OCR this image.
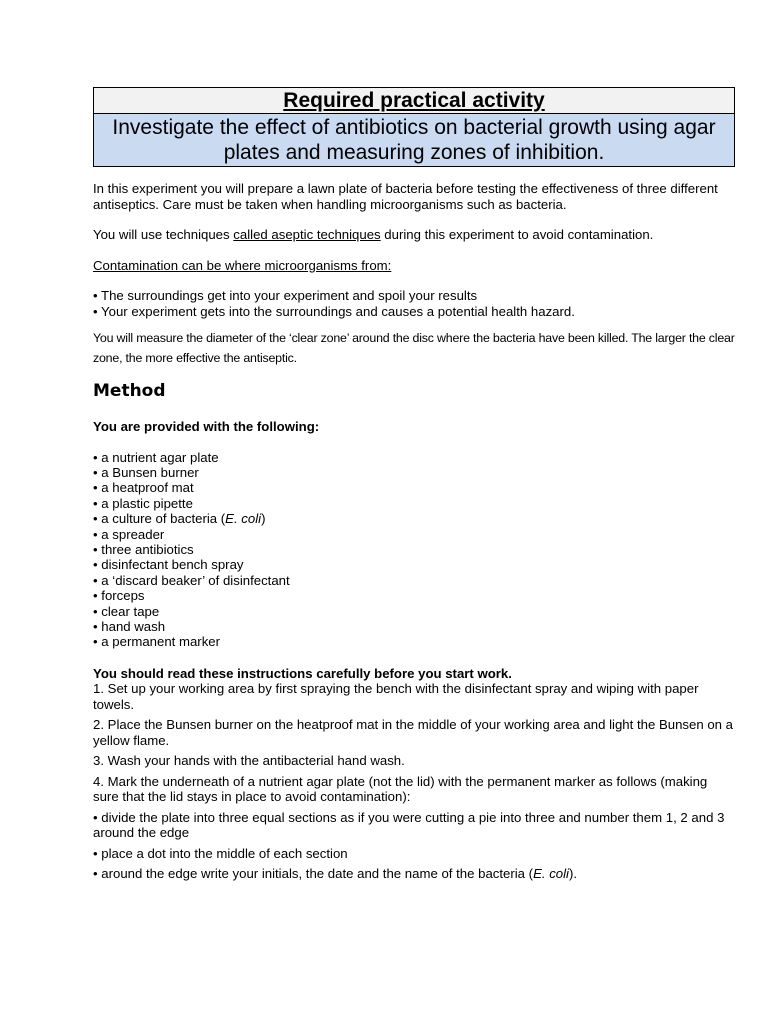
Required practical activity
Investigate the effect of antibiotics on bacterial growth using agar plates and measuring zones of inhibition.

In this experiment you will prepare a lawn plate of bacteria before testing the effectiveness of three different antiseptics. Care must be taken when handling microorganisms such as bacteria.

You will use techniques called aseptic techniques during this experiment to avoid contamination.

Contamination can be where microorganisms from:

• The surroundings get into your experiment and spoil your results

• Your experiment gets into the surroundings and causes a potential health hazard.

You will measure the diameter of the ‘clear zone’ around the disc where the bacteria have been killed. The larger the clear zone, the more effective the antiseptic.

Method

You are provided with the following:

• a nutrient agar plate
• a Bunsen burner
• a heatproof mat
• a plastic pipette
• a culture of bacteria (E. coli)
• a spreader
• three antibiotics
• disinfectant bench spray
• a ‘discard beaker’ of disinfectant
• forceps
• clear tape
• hand wash
• a permanent marker

You should read these instructions carefully before you start work.

1. Set up your working area by first spraying the bench with the disinfectant spray and wiping with paper towels.

2. Place the Bunsen burner on the heatproof mat in the middle of your working area and light the Bunsen on a yellow flame.

3. Wash your hands with the antibacterial hand wash.

4. Mark the underneath of a nutrient agar plate (not the lid) with the permanent marker as follows (making sure that the lid stays in place to avoid contamination):

• divide the plate into three equal sections as if you were cutting a pie into three and number them 1, 2 and 3 around the edge

• place a dot into the middle of each section

• around the edge write your initials, the date and the name of the bacteria (E. coli).
